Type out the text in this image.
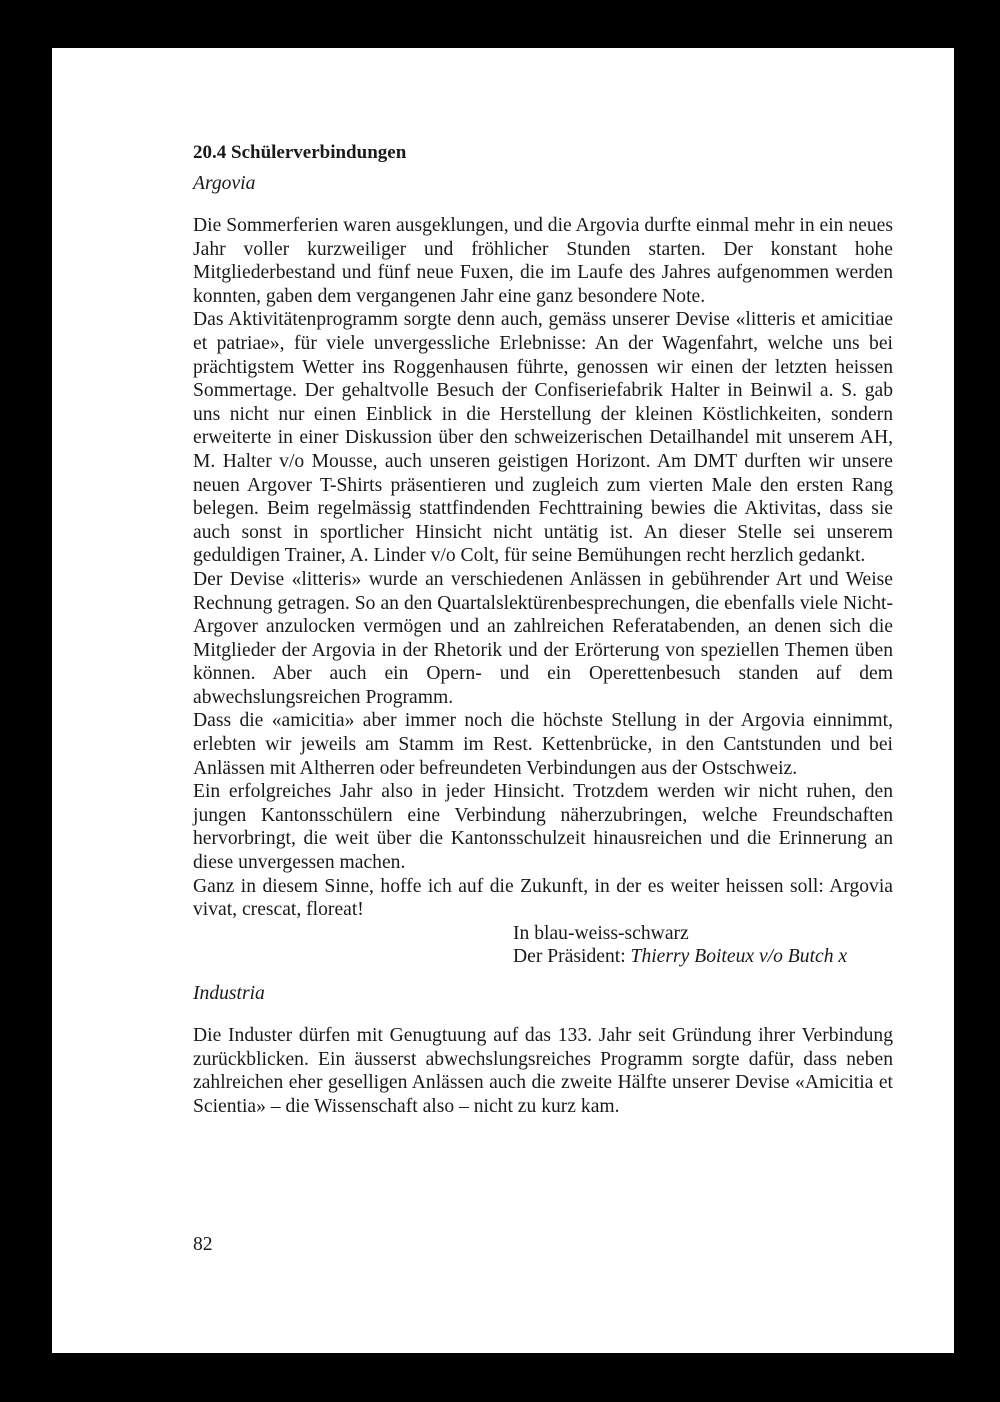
20.4 Schülerverbindungen
Argovia

Die Sommerferien waren ausgeklungen, und die Argovia durfte einmal mehr in ein neues Jahr voller kurzweiliger und fröhlicher Stunden starten. Der konstant hohe Mitgliederbestand und fünf neue Fuxen, die im Laufe des Jahres aufgenommen werden konnten, gaben dem vergangenen Jahr eine ganz besondere Note.

Das Aktivitätenprogramm sorgte denn auch, gemäss unserer Devise «litteris et amicitiae et patriae», für viele unvergessliche Erlebnisse: An der Wagenfahrt, welche uns bei prächtigstem Wetter ins Roggenhausen führte, genossen wir einen der letzten heissen Sommertage. Der gehaltvolle Besuch der Confiseriefabrik Halter in Beinwil a. S. gab uns nicht nur einen Einblick in die Herstellung der kleinen Köstlichkeiten, sondern erweiterte in einer Diskussion über den schweizerischen Detailhandel mit unserem AH, M. Halter v/o Mousse, auch unseren geistigen Horizont. Am DMT durften wir unsere neuen Argover T-Shirts präsentieren und zugleich zum vierten Male den ersten Rang belegen. Beim regelmässig stattfindenden Fechttraining bewies die Aktivitas, dass sie auch sonst in sportlicher Hinsicht nicht untätig ist. An dieser Stelle sei unserem geduldigen Trainer, A. Linder v/o Colt, für seine Bemühungen recht herzlich gedankt.

Der Devise «litteris» wurde an verschiedenen Anlässen in gebührender Art und Weise Rechnung getragen. So an den Quartalslektürenbesprechungen, die ebenfalls viele Nicht-Argover anzulocken vermögen und an zahlreichen Referatabenden, an denen sich die Mitglieder der Argovia in der Rhetorik und der Erörterung von speziellen Themen üben können. Aber auch ein Opern- und ein Operettenbesuch standen auf dem abwechslungsreichen Programm.

Dass die «amicitia» aber immer noch die höchste Stellung in der Argovia einnimmt, erlebten wir jeweils am Stamm im Rest. Kettenbrücke, in den Cantstunden und bei Anlässen mit Altherren oder befreundeten Verbindungen aus der Ostschweiz.

Ein erfolgreiches Jahr also in jeder Hinsicht. Trotzdem werden wir nicht ruhen, den jungen Kantonsschülern eine Verbindung näherzubringen, welche Freundschaften hervorbringt, die weit über die Kantonsschulzeit hinausreichen und die Erinnerung an diese unvergessen machen.

Ganz in diesem Sinne, hoffe ich auf die Zukunft, in der es weiter heissen soll: Argovia vivat, crescat, floreat!

In blau-weiss-schwarz

Der Präsident: Thierry Boiteux v/o Butch x

Industria

Die Induster dürfen mit Genugtuung auf das 133. Jahr seit Gründung ihrer Verbindung zurückblicken. Ein äusserst abwechslungsreiches Programm sorgte dafür, dass neben zahlreichen eher geselligen Anlässen auch die zweite Hälfte unserer Devise «Amicitia et Scientia» – die Wissenschaft also – nicht zu kurz kam.

82
